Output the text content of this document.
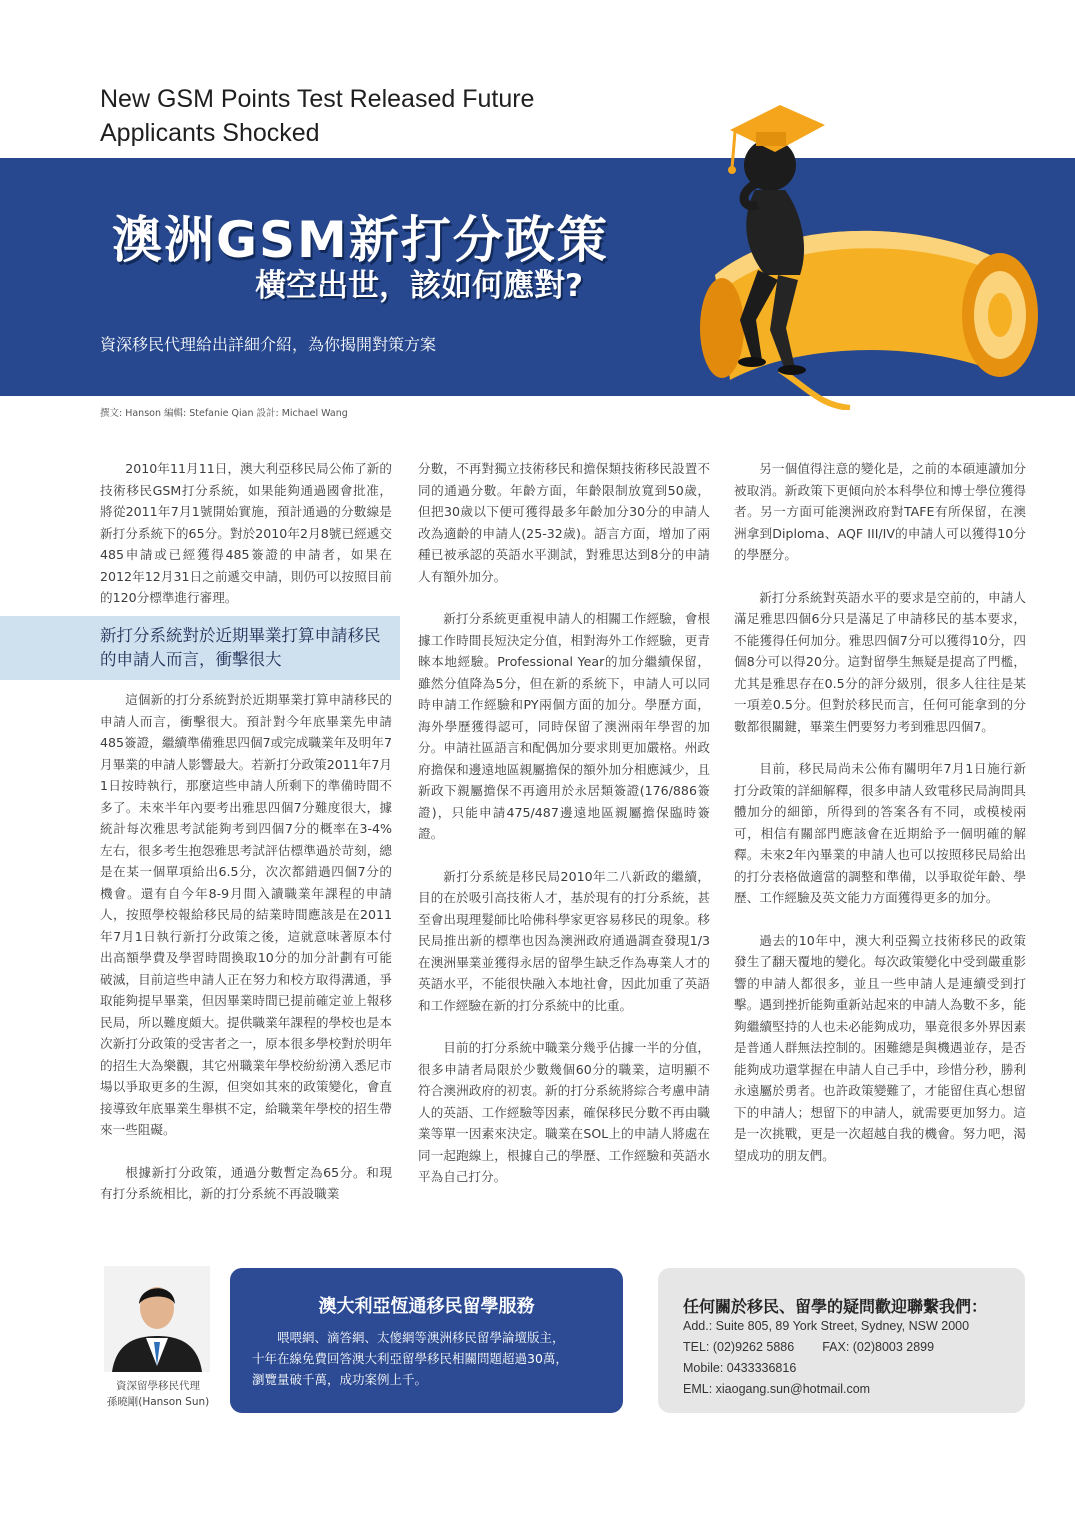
New GSM Points Test Released Future
Applicants Shocked
澳洲GSM新打分政策
橫空出世，該如何應對?
資深移民代理給出詳細介紹，為你揭開對策方案
撰文: Hanson 編輯: Stefanie Qian 設計: Michael Wang

2010年11月11日，澳大利亞移民局公佈了新的技術移民GSM打分系統，如果能夠通過國會批准，將從2011年7月1號開始實施，預計通過的分數線是新打分系統下的65分。對於2010年2月8號已經遞交485申請或已經獲得485簽證的申請者，如果在2012年12月31日之前遞交申請，則仍可以按照目前的120分標準進行審理。

新打分系統對於近期畢業打算申請移民的申請人而言，衝擊很大

這個新的打分系統對於近期畢業打算申請移民的申請人而言，衝擊很大。預計對今年底畢業先申請485簽證，繼續準備雅思四個7或完成職業年及明年7月畢業的申請人影響最大。若新打分政策2011年7月1日按時執行，那麼這些申請人所剩下的準備時間不多了。未來半年內要考出雅思四個7分難度很大，據統計每次雅思考試能夠考到四個7分的概率在3-4%左右，很多考生抱怨雅思考試評估標準過於苛刻，總是在某一個單項給出6.5分，次次都錯過四個7分的機會。還有自今年8-9月間入讀職業年課程的申請人，按照學校報給移民局的結業時間應該是在2011年7月1日執行新打分政策之後，這就意味著原本付出高額學費及學習時間換取10分的加分計劃有可能破滅，目前這些申請人正在努力和校方取得溝通，爭取能夠提早畢業，但因畢業時間已提前確定並上報移民局，所以難度頗大。提供職業年課程的學校也是本次新打分政策的受害者之一，原本很多學校對於明年的招生大為樂觀，其它州職業年學校紛紛湧入悉尼市場以爭取更多的生源，但突如其來的政策變化，會直接導致年底畢業生舉棋不定，給職業年學校的招生帶來一些阻礙。

根據新打分政策，通過分數暫定為65分。和現有打分系統相比，新的打分系統不再設職業

分數，不再對獨立技術移民和擔保類技術移民設置不同的通過分數。年齡方面，年齡限制放寬到50歲，但把30歲以下便可獲得最多年齡加分30分的申請人改為適齡的申請人(25-32歲)。語言方面，增加了兩種已被承認的英語水平測試，對雅思达到8分的申請人有額外加分。

新打分系統更重視申請人的相關工作經驗，會根據工作時間長短決定分值，相對海外工作經驗，更青睞本地經驗。Professional Year的加分繼續保留，雖然分值降為5分，但在新的系統下，申請人可以同時申請工作經驗和PY兩個方面的加分。學歷方面，海外學歷獲得認可，同時保留了澳洲兩年學習的加分。申請社區語言和配偶加分要求則更加嚴格。州政府擔保和邊遠地區親屬擔保的額外加分相應減少，且新政下親屬擔保不再適用於永居類簽證(176/886簽證)，只能申請475/487邊遠地區親屬擔保臨時簽證。

新打分系統是移民局2010年二八新政的繼續，目的在於吸引高技術人才，基於現有的打分系統，甚至會出現理髮師比哈佛科學家更容易移民的現象。移民局推出新的標準也因為澳洲政府通過調查發現1/3在澳洲畢業並獲得永居的留學生缺乏作為專業人才的英語水平，不能很快融入本地社會，因此加重了英語和工作經驗在新的打分系統中的比重。

目前的打分系統中職業分幾乎佔據一半的分值，很多申請者局限於少數幾個60分的職業，這明顯不符合澳洲政府的初衷。新的打分系統將綜合考慮申請人的英語、工作經驗等因素，確保移民分數不再由職業等單一因素來決定。職業在SOL上的申請人將處在同一起跑線上，根據自己的學歷、工作經驗和英語水平為自己打分。

另一個值得注意的變化是，之前的本碩連讀加分被取消。新政策下更傾向於本科學位和博士學位獲得者。另一方面可能澳洲政府對TAFE有所保留，在澳洲拿到Diploma、AQF III/IV的申請人可以獲得10分的學歷分。

新打分系統對英語水平的要求是空前的，申請人滿足雅思四個6分只是滿足了申請移民的基本要求，不能獲得任何加分。雅思四個7分可以獲得10分，四個8分可以得20分。這對留學生無疑是提高了門檻，尤其是雅思存在0.5分的評分級別，很多人往往是某一項差0.5分。但對於移民而言，任何可能拿到的分數都很關鍵，畢業生們要努力考到雅思四個7。

目前，移民局尚未公佈有關明年7月1日施行新打分政策的詳細解釋，很多申請人致電移民局詢問具體加分的細節，所得到的答案各有不同，或模棱兩可，相信有關部門應該會在近期給予一個明確的解釋。未來2年內畢業的申請人也可以按照移民局給出的打分表格做適當的調整和準備，以爭取從年齡、學歷、工作經驗及英文能力方面獲得更多的加分。

過去的10年中，澳大利亞獨立技術移民的政策發生了翻天覆地的變化。每次政策變化中受到嚴重影響的申請人都很多，並且一些申請人是連續受到打擊。遇到挫折能夠重新站起來的申請人為數不多，能夠繼續堅持的人也未必能夠成功，畢竟很多外界因素是普通人群無法控制的。困難總是與機遇並存，是否能夠成功還掌握在申請人自己手中，珍惜分秒，勝利永遠屬於勇者。也許政策變難了，才能留住真心想留下的申請人；想留下的申請人，就需要更加努力。這是一次挑戰，更是一次超越自我的機會。努力吧，渴望成功的朋友們。

資深留學移民代理
孫曉剛(Hanson Sun)
澳大利亞恆通移民留學服務
喂喂網、滴答網、太傻網等澳洲移民留學論壇版主，
十年在線免費回答澳大利亞留學移民相關問題超過30萬，
瀏覽量破千萬，成功案例上千。
任何關於移民、留學的疑問歡迎聯繫我們：
Add.: Suite 805, 89 York Street, Sydney, NSW 2000
TEL: (02)9262 5886 FAX: (02)8003 2899
Mobile: 0433336816
EML: xiaogang.sun@hotmail.com
